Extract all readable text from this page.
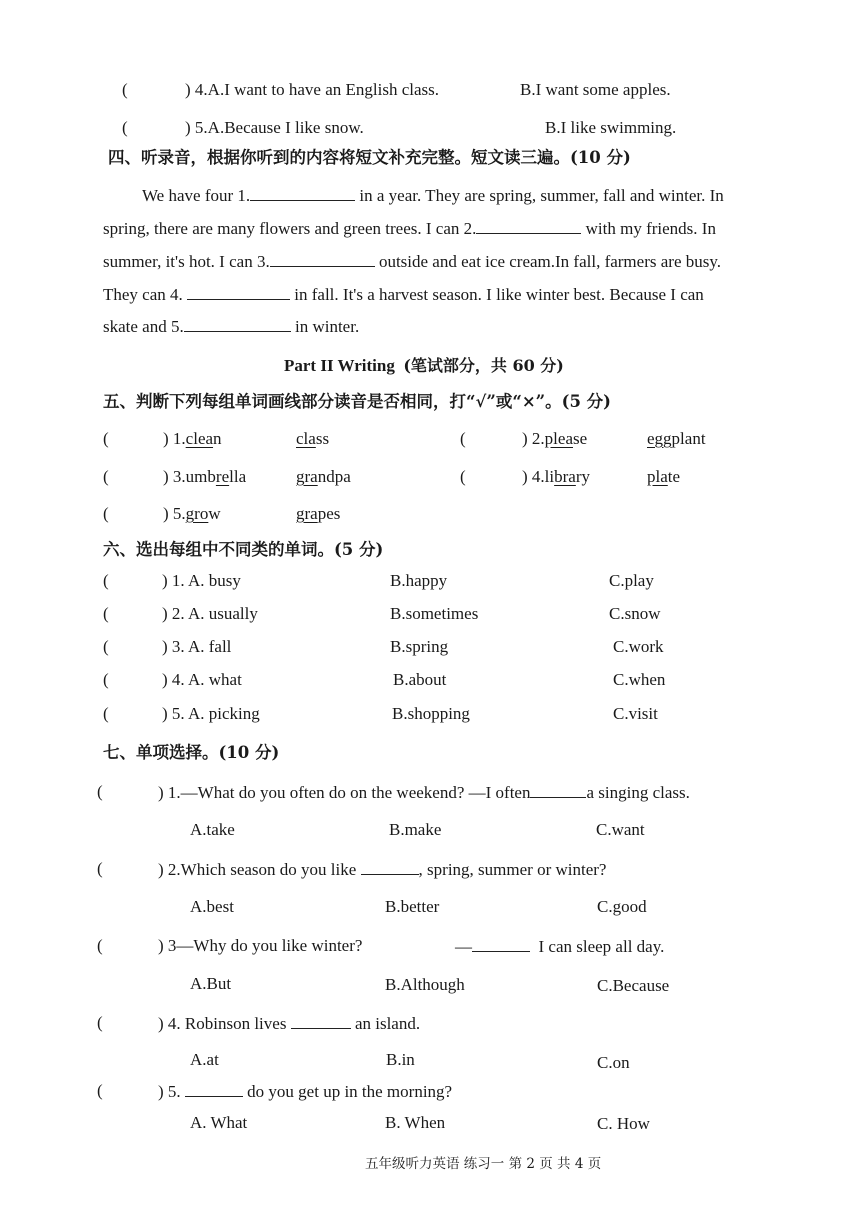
(	) 4.A.I want to have an English class.	B.I want some apples.
(	) 5.A.Because I like snow.	B.I like swimming.
四、听录音，根据你听到的内容将短文补充完整。短文读三遍。(10 分)
We have four 1.	in a year. They are spring, summer, fall and winter. In
spring, there are many flowers and green trees. I can 2.	with my friends. In
summer, it's hot. I can 3.	outside and eat ice cream.In fall, farmers are busy.
They can 4.	in fall. It's a harvest season. I like winter best. Because I can
skate and 5.	in winter.
Part II Writing (笔试部分，共 60 分)
五、判断下列每组单词画线部分读音是否相同，打“√”或“×”。(5 分)
(	) 1.clean	class	(	) 2.please	eggplant
(	) 3.umbrella	grandpa	(	) 4.library	plate
(	) 5.grow	grapes
六、选出每组中不同类的单词。(5 分)
(	) 1. A. busy	B.happy	C.play
(	) 2. A. usually	B.sometimes	C.snow
(	) 3. A. fall	B.spring	C.work
(	) 4. A. what	B.about	C.when
(	) 5. A. picking	B.shopping	C.visit
七、单项选择。(10 分)
(	) 1.—What do you often do on the weekend? —I often	a singing class.
A.take	B.make	C.want
(	) 2.Which season do you like	, spring, summer or winter?
A.best	B.better	C.good
(	) 3—Why do you like winter?	—	I can sleep all day.
A.But	B.Although	C.Because
(	) 4. Robinson lives	an island.
A.at	B.in	C.on
(	) 5.	do you get up in the morning?
A. What	B. When	C. How
五年级听力英语 练习一 第 2 页 共 4 页
